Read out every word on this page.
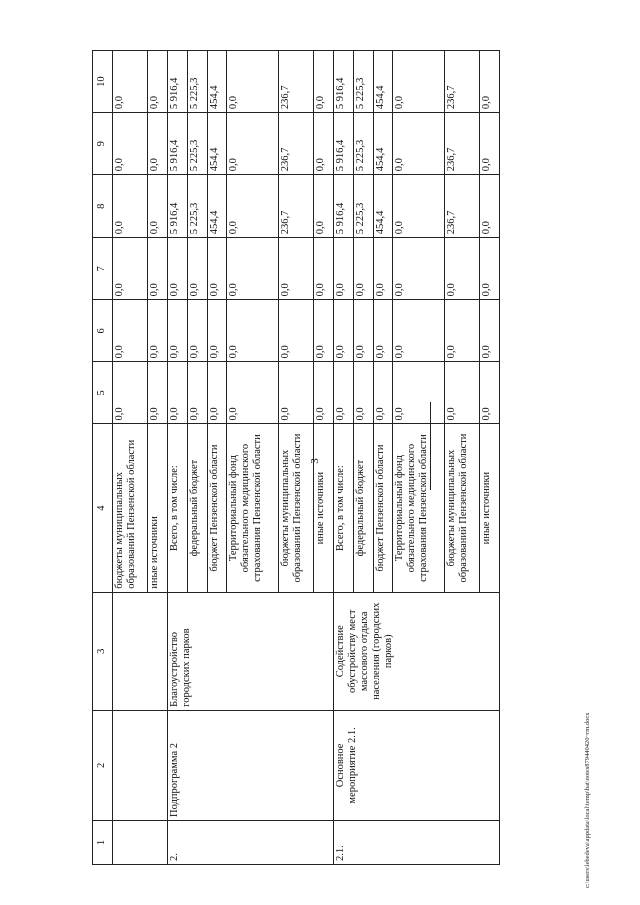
3
1	2	3	4	5	6	7	8	9	10
			бюджеты муниципальных образований Пензенской области	0,0	0,0	0,0	0,0	0,0	0,0
			иные источники	0,0	0,0	0,0	0,0	0,0	0,0
2.	Подпрограмма 2	Благоустройство городских парков	Всего, в том числе:	0,0	0,0	0,0	5 916,4	5 916,4	5 916,4
			федеральный бюджет	0,0	0,0	0,0	5 225,3	5 225,3	5 225,3
			бюджет Пензенской области	0,0	0,0	0,0	454,4	454,4	454,4
			Территориальный фонд обязательного медицинского страхования Пензенской области	0,0	0,0	0,0	0,0	0,0	0,0
			бюджеты муниципальных образований Пензенской области	0,0	0,0	0,0	236,7	236,7	236,7
			иные источники	0,0	0,0	0,0	0,0	0,0	0,0
2.1.	Основное мероприятие 2.1.	Содействие обустройству мест массового отдыха населения (городских парков)	Всего, в том числе:	0,0	0,0	0,0	5 916,4	5 916,4	5 916,4
			федеральный бюджет	0,0	0,0	0,0	5 225,3	5 225,3	5 225,3
			бюджет Пензенской области	0,0	0,0	0,0	454,4	454,4	454,4
			Территориальный фонд обязательного медицинского страхования Пензенской области	0,0	0,0	0,0	0,0	0,0	0,0
			бюджеты муниципальных образований Пензенской области	0,0	0,0	0,0	236,7	236,7	236,7
			иные источники	0,0	0,0	0,0	0,0	0,0	0,0
c:\users\lebedeva\appdata\local\temp\bat\notes879440420~rm.docx
